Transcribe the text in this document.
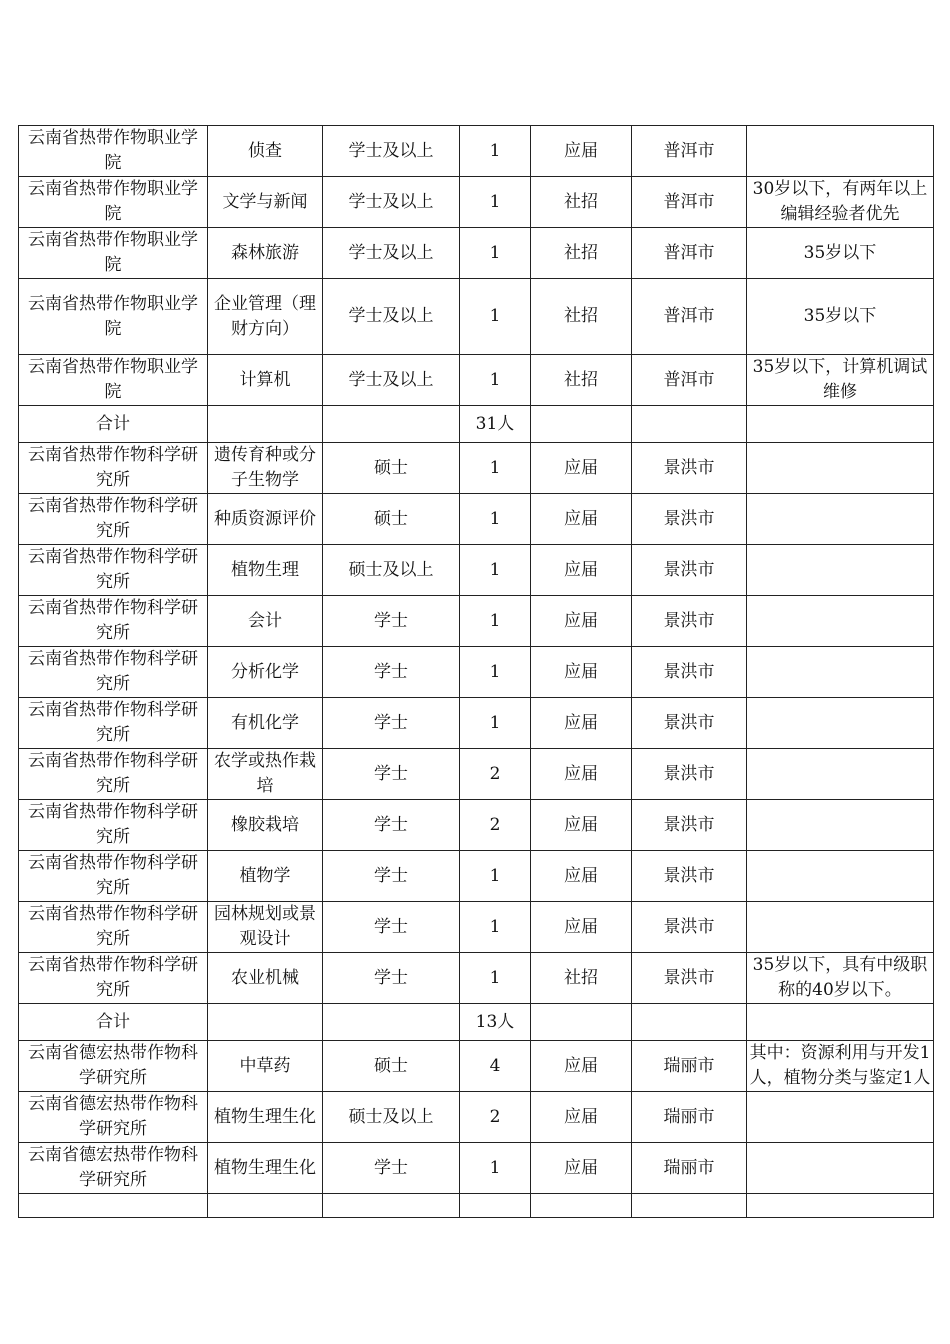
云南省热带作物职业学院	侦查	学士及以上	1	应届	普洱市	
云南省热带作物职业学院	文学与新闻	学士及以上	1	社招	普洱市	30岁以下，有两年以上编辑经验者优先
云南省热带作物职业学院	森林旅游	学士及以上	1	社招	普洱市	35岁以下
云南省热带作物职业学院	企业管理（理财方向）	学士及以上	1	社招	普洱市	35岁以下
云南省热带作物职业学院	计算机	学士及以上	1	社招	普洱市	35岁以下，计算机调试维修
合计			31人			
云南省热带作物科学研究所	遗传育种或分子生物学	硕士	1	应届	景洪市	
云南省热带作物科学研究所	种质资源评价	硕士	1	应届	景洪市	
云南省热带作物科学研究所	植物生理	硕士及以上	1	应届	景洪市	
云南省热带作物科学研究所	会计	学士	1	应届	景洪市	
云南省热带作物科学研究所	分析化学	学士	1	应届	景洪市	
云南省热带作物科学研究所	有机化学	学士	1	应届	景洪市	
云南省热带作物科学研究所	农学或热作栽培	学士	2	应届	景洪市	
云南省热带作物科学研究所	橡胶栽培	学士	2	应届	景洪市	
云南省热带作物科学研究所	植物学	学士	1	应届	景洪市	
云南省热带作物科学研究所	园林规划或景观设计	学士	1	应届	景洪市	
云南省热带作物科学研究所	农业机械	学士	1	社招	景洪市	35岁以下，具有中级职称的40岁以下。
合计			13人			
云南省德宏热带作物科学研究所	中草药	硕士	4	应届	瑞丽市	其中：资源利用与开发1人，植物分类与鉴定1人
云南省德宏热带作物科学研究所	植物生理生化	硕士及以上	2	应届	瑞丽市	
云南省德宏热带作物科学研究所	植物生理生化	学士	1	应届	瑞丽市	
